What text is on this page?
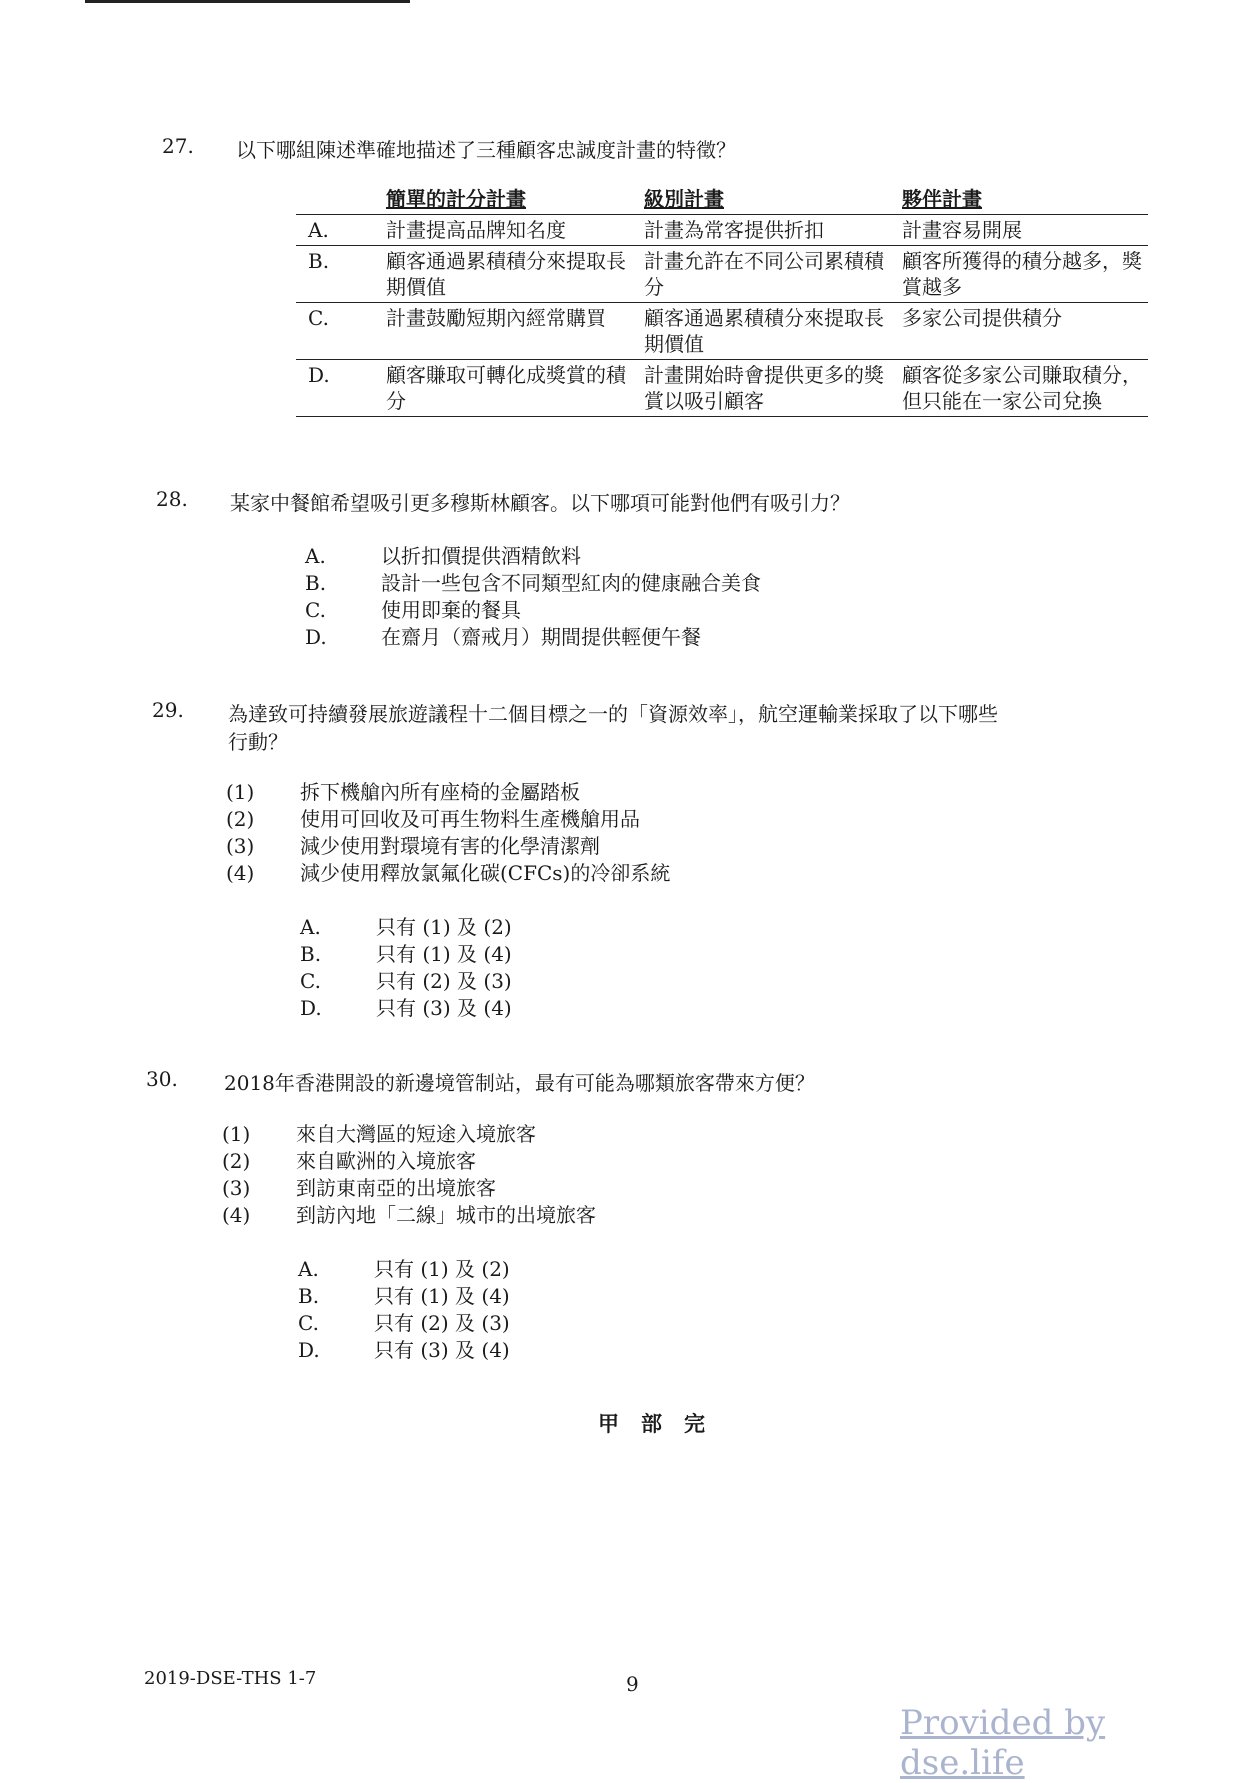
27. 以下哪組陳述準確地描述了三種顧客忠誠度計畫的特徵？
	簡單的計分計畫	級別計畫	夥伴計畫
A.	計畫提高品牌知名度	計畫為常客提供折扣	計畫容易開展
B.	顧客通過累積積分來提取長期價值	計畫允許在不同公司累積積分	顧客所獲得的積分越多，獎賞越多
C.	計畫鼓勵短期內經常購買	顧客通過累積積分來提取長期價值	多家公司提供積分
D.	顧客賺取可轉化成獎賞的積分	計畫開始時會提供更多的獎賞以吸引顧客	顧客從多家公司賺取積分，但只能在一家公司兌換
28. 某家中餐館希望吸引更多穆斯林顧客。以下哪項可能對他們有吸引力？
A.	以折扣價提供酒精飲料
B.	設計一些包含不同類型紅肉的健康融合美食
C.	使用即棄的餐具
D.	在齋月（齋戒月）期間提供輕便午餐
29. 為達致可持續發展旅遊議程十二個目標之一的「資源效率」，航空運輸業採取了以下哪些
行動？
(1) 拆下機艙內所有座椅的金屬踏板
(2) 使用可回收及可再生物料生產機艙用品
(3) 減少使用對環境有害的化學清潔劑
(4) 減少使用釋放氯氟化碳(CFCs)的冷卻系統
A.	只有 (1) 及 (2)
B.	只有 (1) 及 (4)
C.	只有 (2) 及 (3)
D.	只有 (3) 及 (4)
30. 2018年香港開設的新邊境管制站，最有可能為哪類旅客帶來方便？
(1) 來自大灣區的短途入境旅客
(2) 來自歐洲的入境旅客
(3) 到訪東南亞的出境旅客
(4) 到訪內地「二線」城市的出境旅客
A.	只有 (1) 及 (2)
B.	只有 (1) 及 (4)
C.	只有 (2) 及 (3)
D.	只有 (3) 及 (4)
甲部完
2019-DSE-THS 1-7	9
Provided by dse.life
